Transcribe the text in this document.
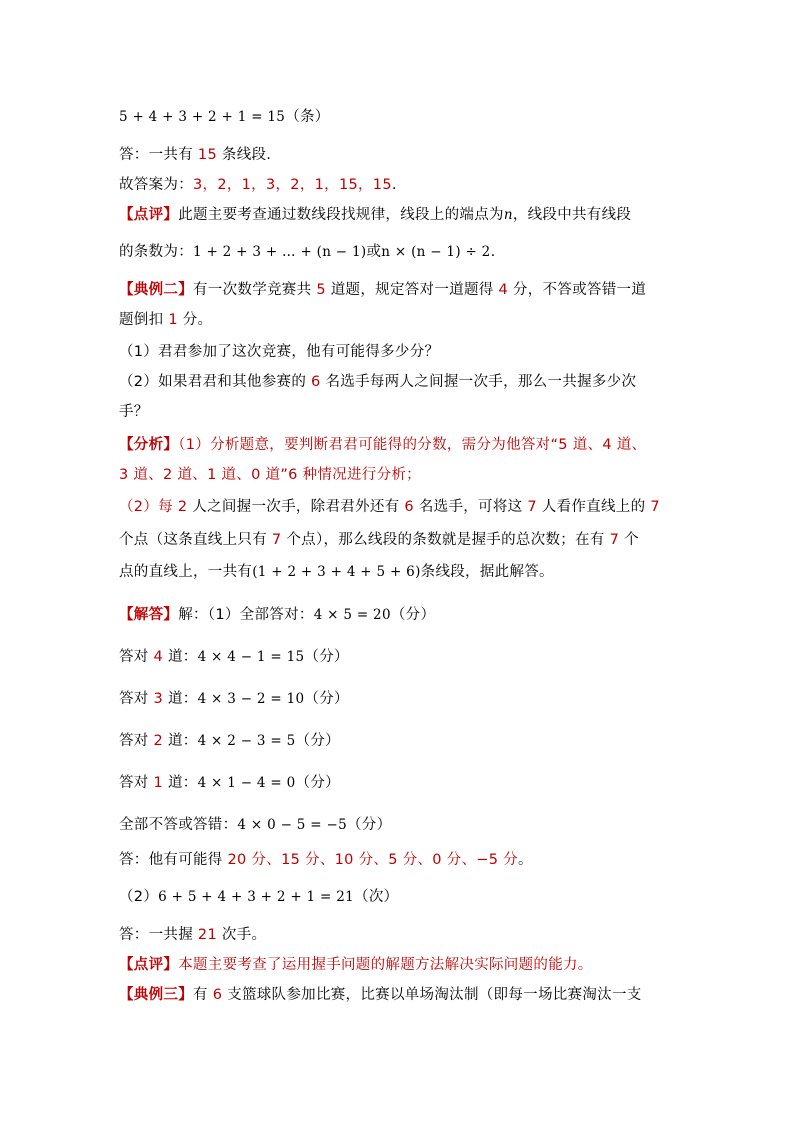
5 + 4 + 3 + 2 + 1 = 15（条）
答：一共有 15 条线段.
故答案为：3，2，1，3，2，1，15，15.
【点评】此题主要考查通过数线段找规律，线段上的端点为n，线段中共有线段
的条数为：1 + 2 + 3 + … + (n − 1)或n × (n − 1) ÷ 2.
【典例二】有一次数学竞赛共 5 道题，规定答对一道题得 4 分，不答或答错一道
题倒扣 1 分。
（1）君君参加了这次竞赛，他有可能得多少分？
（2）如果君君和其他参赛的 6 名选手每两人之间握一次手，那么一共握多少次
手？
【分析】（1）分析题意，要判断君君可能得的分数，需分为他答对“5 道、4 道、
3 道、2 道、1 道、0 道”6 种情况进行分析；
（2）每 2 人之间握一次手，除君君外还有 6 名选手，可将这 7 人看作直线上的 7
个点（这条直线上只有 7 个点），那么线段的条数就是握手的总次数；在有 7 个
点的直线上，一共有(1 + 2 + 3 + 4 + 5 + 6)条线段，据此解答。
【解答】解：（1）全部答对：4 × 5 = 20（分）
答对 4 道：4 × 4 − 1 = 15（分）
答对 3 道：4 × 3 − 2 = 10（分）
答对 2 道：4 × 2 − 3 = 5（分）
答对 1 道：4 × 1 − 4 = 0（分）
全部不答或答错：4 × 0 − 5 = −5（分）
答：他有可能得 20 分、15 分、10 分、5 分、0 分、−5 分。
（2）6 + 5 + 4 + 3 + 2 + 1 = 21（次）
答：一共握 21 次手。
【点评】本题主要考查了运用握手问题的解题方法解决实际问题的能力。
【典例三】有 6 支篮球队参加比赛，比赛以单场淘汰制（即每一场比赛淘汰一支
